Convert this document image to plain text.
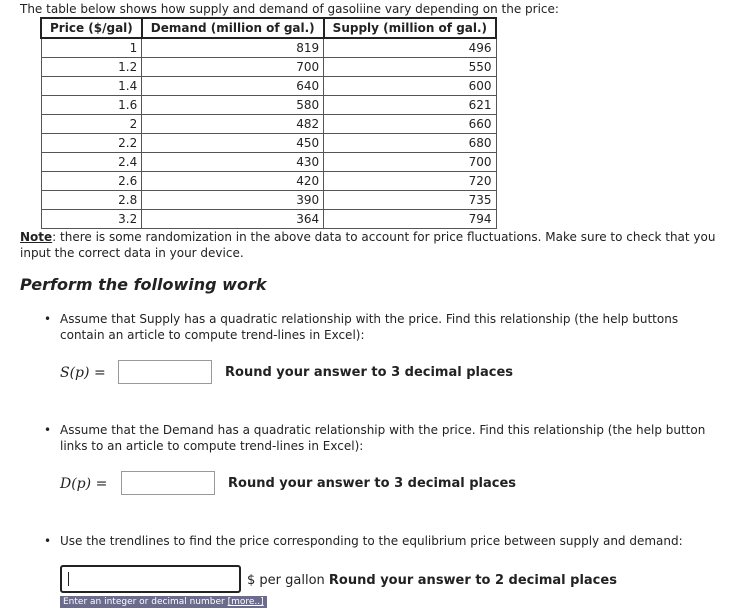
The table below shows how supply and demand of gasoliine vary depending on the price:
Price ($/gal)	Demand (million of gal.)	Supply (million of gal.)
1	819	496
1.2	700	550
1.4	640	600
1.6	580	621
2	482	660
2.2	450	680
2.4	430	700
2.6	420	720
2.8	390	735
3.2	364	794
Note: there is some randomization in the above data to account for price fluctuations. Make sure to check that you input the correct data in your device.
Perform the following work
• Assume that Supply has a quadratic relationship with the price. Find this relationship (the help buttons contain an article to compute trend-lines in Excel):
S(p) =	Round your answer to 3 decimal places
• Assume that the Demand has a quadratic relationship with the price. Find this relationship (the help button links to an article to compute trend-lines in Excel):
D(p) =	Round your answer to 3 decimal places
• Use the trendlines to find the price corresponding to the equlibrium price between supply and demand:
$ per gallon Round your answer to 2 decimal places
Enter an integer or decimal number [more..]
